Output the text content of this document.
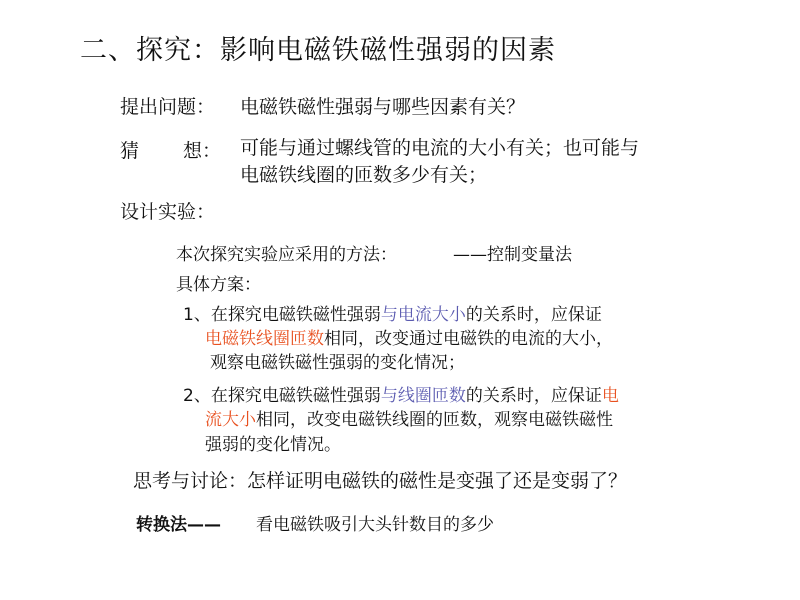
二、探究：影响电磁铁磁性强弱的因素
提出问题： 电磁铁磁性强弱与哪些因素有关？
猜 想： 可能与通过螺线管的电流的大小有关；也可能与
电磁铁线圈的匝数多少有关；
设计实验：
本次探究实验应采用的方法：	——控制变量法
具体方案：
1、在探究电磁铁磁性强弱与电流大小的关系时，应保证
电磁铁线圈匝数相同，改变通过电磁铁的电流的大小，
观察电磁铁磁性强弱的变化情况；
2、在探究电磁铁磁性强弱与线圈匝数的关系时，应保证电
流大小相同，改变电磁铁线圈的匝数，观察电磁铁磁性
强弱的变化情况。
思考与讨论：怎样证明电磁铁的磁性是变强了还是变弱了？
转换法—— 看电磁铁吸引大头针数目的多少
